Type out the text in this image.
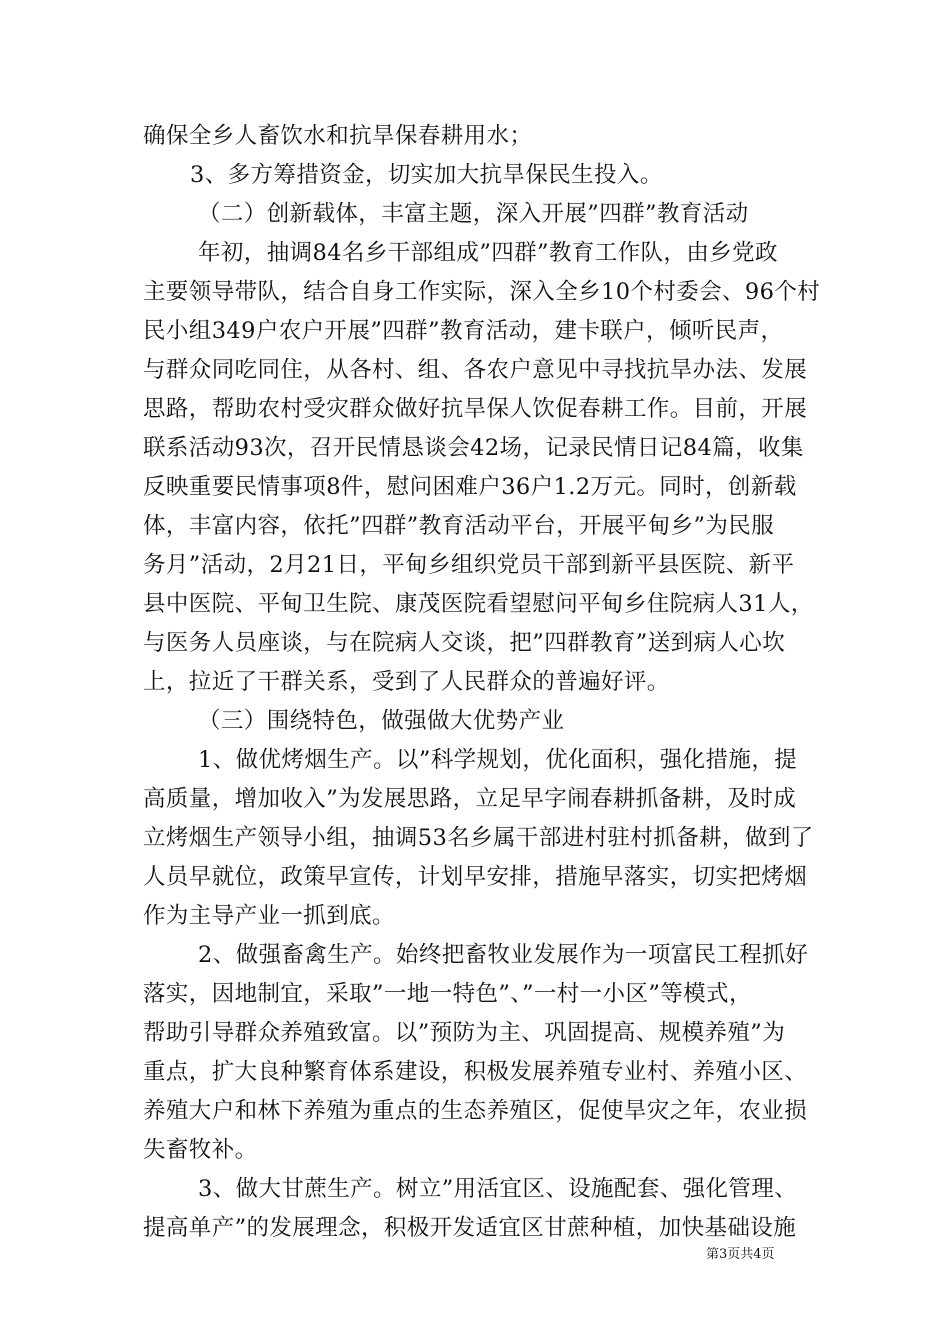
确保全乡人畜饮水和抗旱保春耕用水；
3、多方筹措资金，切实加大抗旱保民生投入。
（二）创新载体，丰富主题，深入开展”四群”教育活动
年初，抽调84名乡干部组成”四群”教育工作队，由乡党政
主要领导带队，结合自身工作实际，深入全乡10个村委会、96个村
民小组349户农户开展”四群”教育活动，建卡联户，倾听民声，
与群众同吃同住，从各村、组、各农户意见中寻找抗旱办法、发展
思路，帮助农村受灾群众做好抗旱保人饮促春耕工作。目前，开展
联系活动93次，召开民情恳谈会42场，记录民情日记84篇，收集
反映重要民情事项8件，慰问困难户36户1.2万元。同时，创新载
体，丰富内容，依托”四群”教育活动平台，开展平甸乡”为民服
务月”活动，2月21日，平甸乡组织党员干部到新平县医院、新平
县中医院、平甸卫生院、康茂医院看望慰问平甸乡住院病人31人，
与医务人员座谈，与在院病人交谈，把”四群教育”送到病人心坎
上，拉近了干群关系，受到了人民群众的普遍好评。
（三）围绕特色，做强做大优势产业
1、做优烤烟生产。以”科学规划，优化面积，强化措施，提
高质量，增加收入”为发展思路，立足早字闹春耕抓备耕，及时成
立烤烟生产领导小组，抽调53名乡属干部进村驻村抓备耕，做到了
人员早就位，政策早宣传，计划早安排，措施早落实，切实把烤烟
作为主导产业一抓到底。
2、做强畜禽生产。始终把畜牧业发展作为一项富民工程抓好
落实，因地制宜，采取”一地一特色”、”一村一小区”等模式，
帮助引导群众养殖致富。以”预防为主、巩固提高、规模养殖”为
重点，扩大良种繁育体系建设，积极发展养殖专业村、养殖小区、
养殖大户和林下养殖为重点的生态养殖区，促使旱灾之年，农业损
失畜牧补。
3、做大甘蔗生产。树立”用活宜区、设施配套、强化管理、
提高单产”的发展理念，积极开发适宜区甘蔗种植，加快基础设施
第3页共4页
